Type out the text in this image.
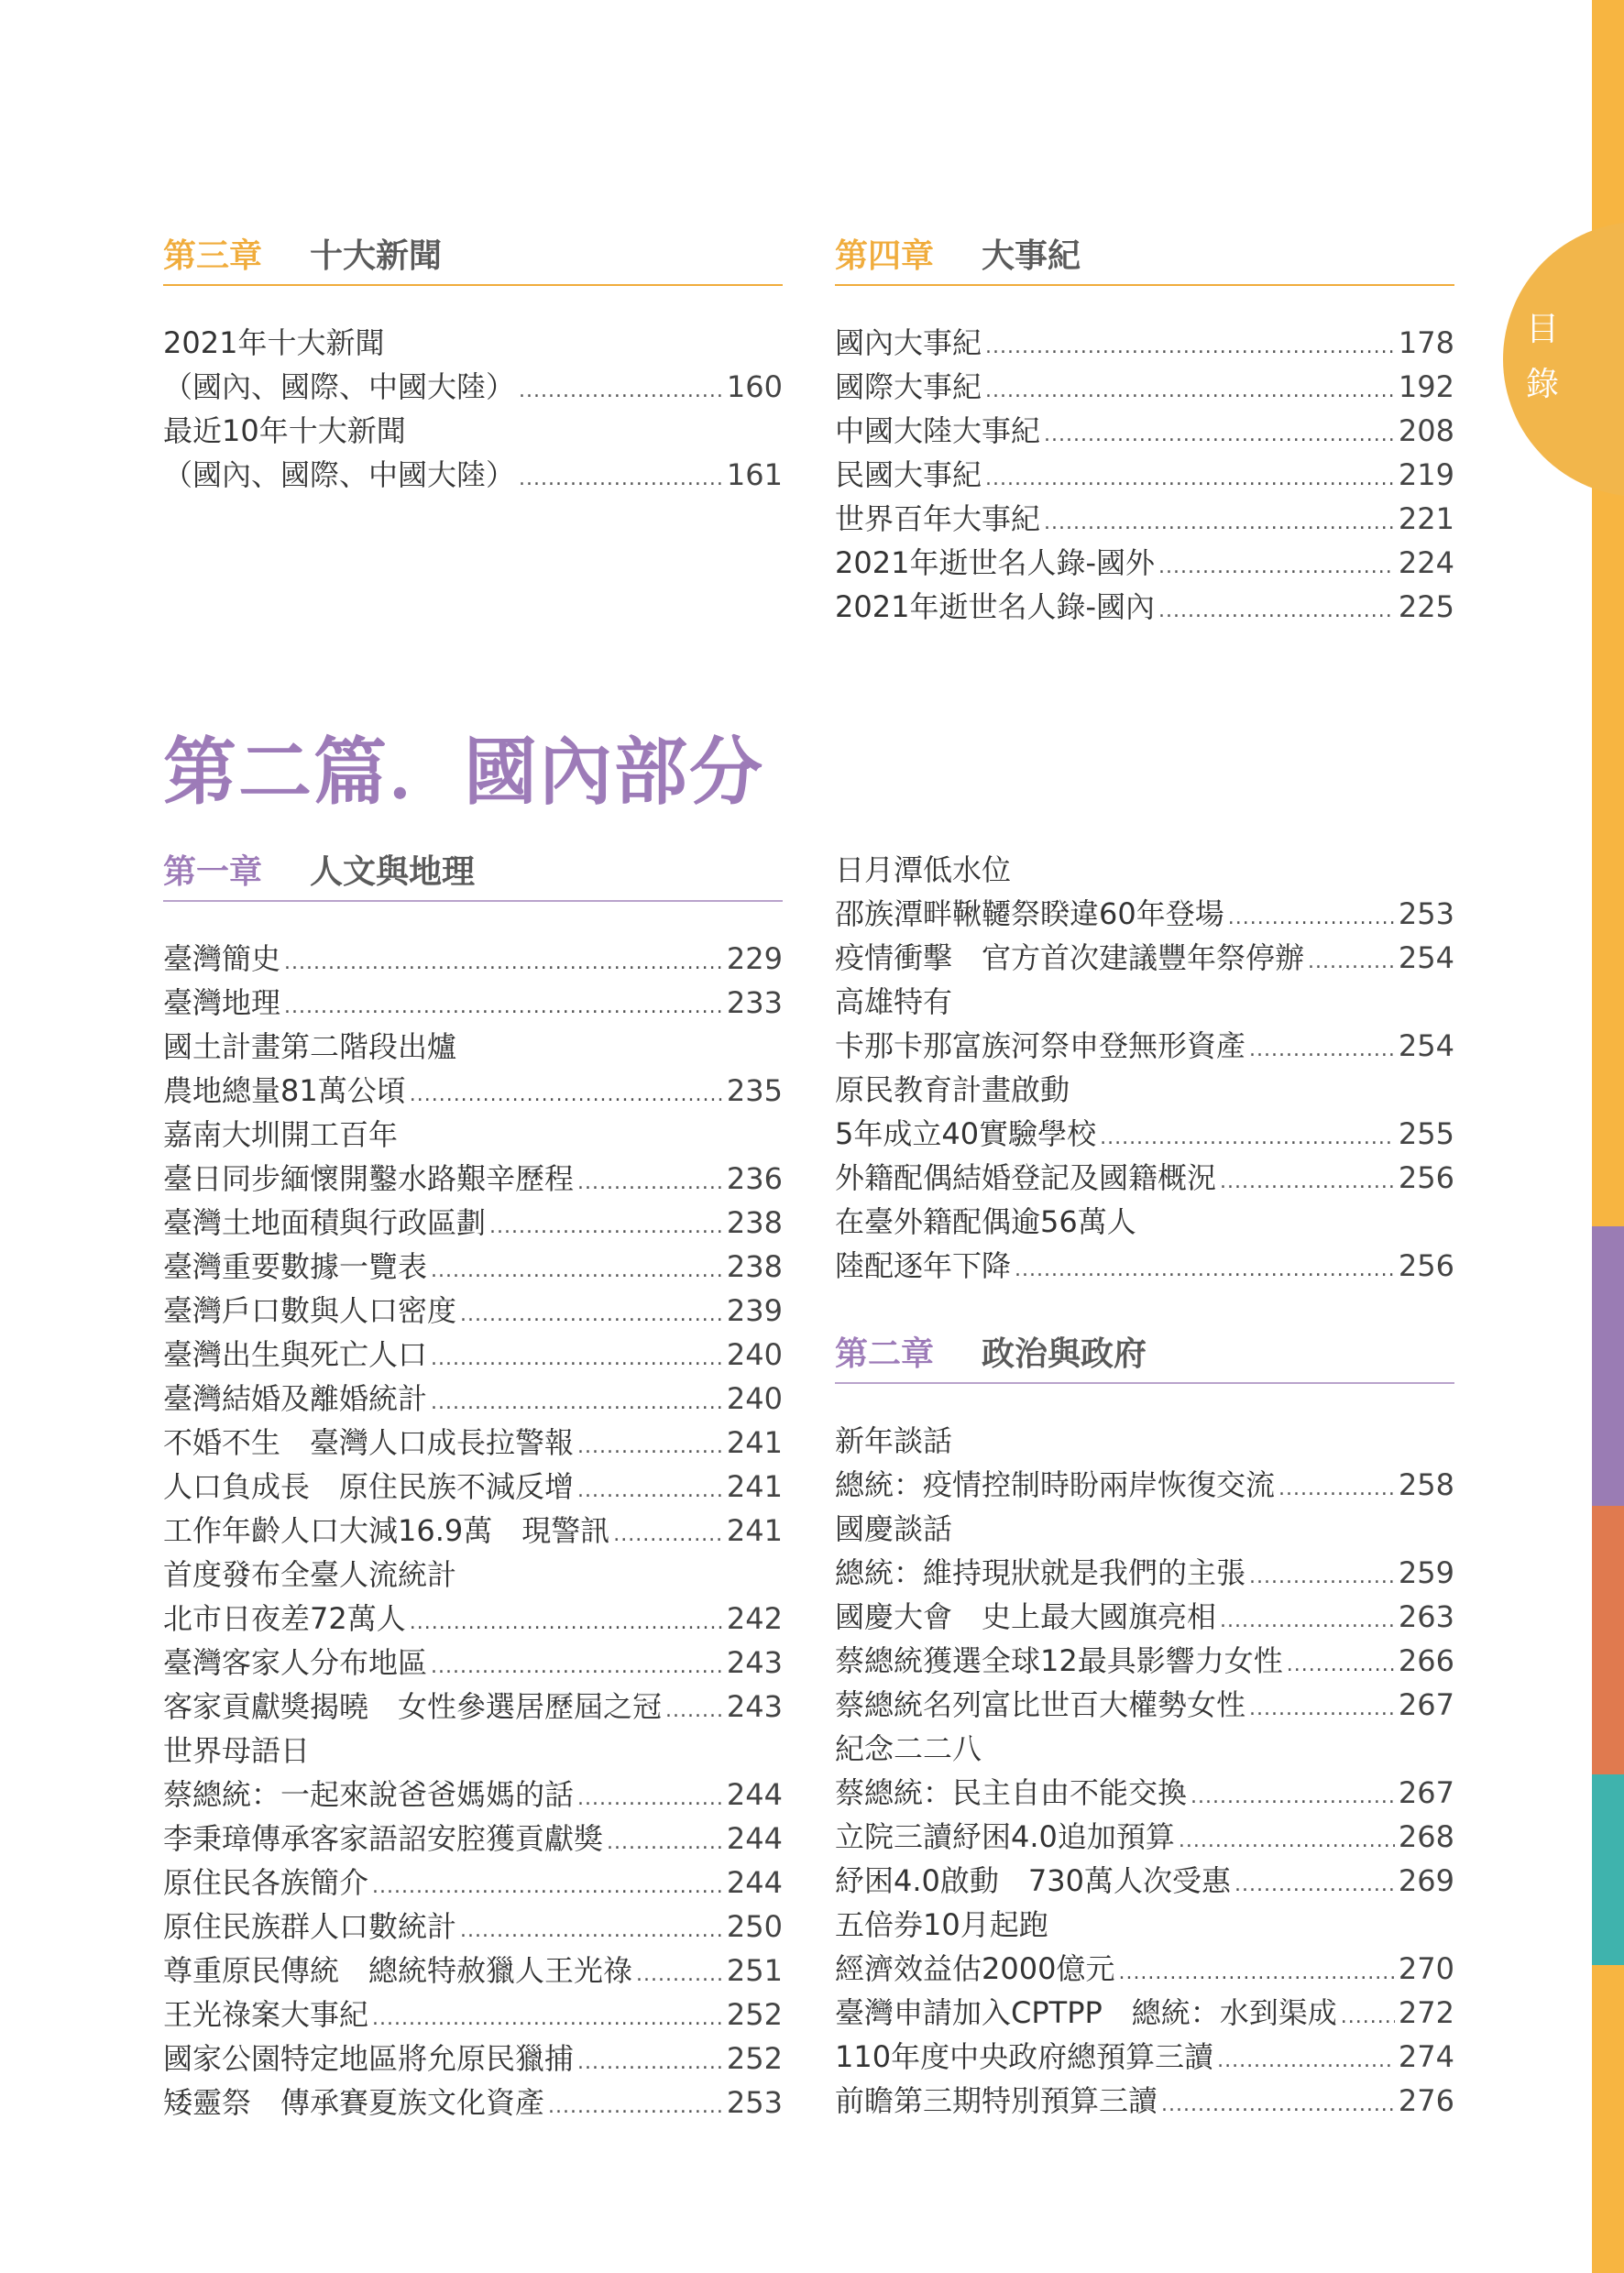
目
錄
第三章 十大新聞
2021年十大新聞
（國內、國際、中國大陸） .....	160
最近10年十大新聞
（國內、國際、中國大陸） .....	161
第四章 大事紀
國內大事紀 .....	178
國際大事紀 .....	192
中國大陸大事紀 .....	208
民國大事紀 .....	219
世界百年大事紀 .....	221
2021年逝世名人錄-國外 .....	224
2021年逝世名人錄-國內 .....	225
第二篇．國內部分
第一章 人文與地理
臺灣簡史 .....	229
臺灣地理 .....	233
國土計畫第二階段出爐
農地總量81萬公頃 .....	235
嘉南大圳開工百年
臺日同步緬懷開鑿水路艱辛歷程 .....	236
臺灣土地面積與行政區劃 .....	238
臺灣重要數據一覽表 .....	238
臺灣戶口數與人口密度 .....	239
臺灣出生與死亡人口 .....	240
臺灣結婚及離婚統計 .....	240
不婚不生　臺灣人口成長拉警報 .....	241
人口負成長　原住民族不減反增 .....	241
工作年齡人口大減16.9萬　現警訊 .....	241
首度發布全臺人流統計
北市日夜差72萬人 .....	242
臺灣客家人分布地區 .....	243
客家貢獻獎揭曉　女性參選居歷屆之冠 ..... 243
世界母語日
蔡總統：一起來說爸爸媽媽的話 .....	244
李秉璋傳承客家語詔安腔獲貢獻獎 .....	244
原住民各族簡介 .....	244
原住民族群人口數統計 .....	250
尊重原民傳統　總統特赦獵人王光祿 .....	251
王光祿案大事紀 .....	252
國家公園特定地區將允原民獵捕 .....	252
矮靈祭　傳承賽夏族文化資產 .....	253
日月潭低水位
邵族潭畔鞦韆祭睽違60年登場 .....	253
疫情衝擊　官方首次建議豐年祭停辦 .....	254
高雄特有
卡那卡那富族河祭申登無形資產 .....	254
原民教育計畫啟動
5年成立40實驗學校 .....	255
外籍配偶結婚登記及國籍概況 .....	256
在臺外籍配偶逾56萬人
陸配逐年下降 .....	256
第二章 政治與政府
新年談話
總統：疫情控制時盼兩岸恢復交流 .....	258
國慶談話
總統：維持現狀就是我們的主張 .....	259
國慶大會　史上最大國旗亮相 .....	263
蔡總統獲選全球12最具影響力女性 .....	266
蔡總統名列富比世百大權勢女性 .....	267
紀念二二八
蔡總統：民主自由不能交換 .....	267
立院三讀紓困4.0追加預算 .....	268
紓困4.0啟動　730萬人次受惠 .....	269
五倍券10月起跑
經濟效益估2000億元 .....	270
臺灣申請加入CPTPP　總統：水到渠成 ..... 272
110年度中央政府總預算三讀 .....	274
前瞻第三期特別預算三讀 .....	276
